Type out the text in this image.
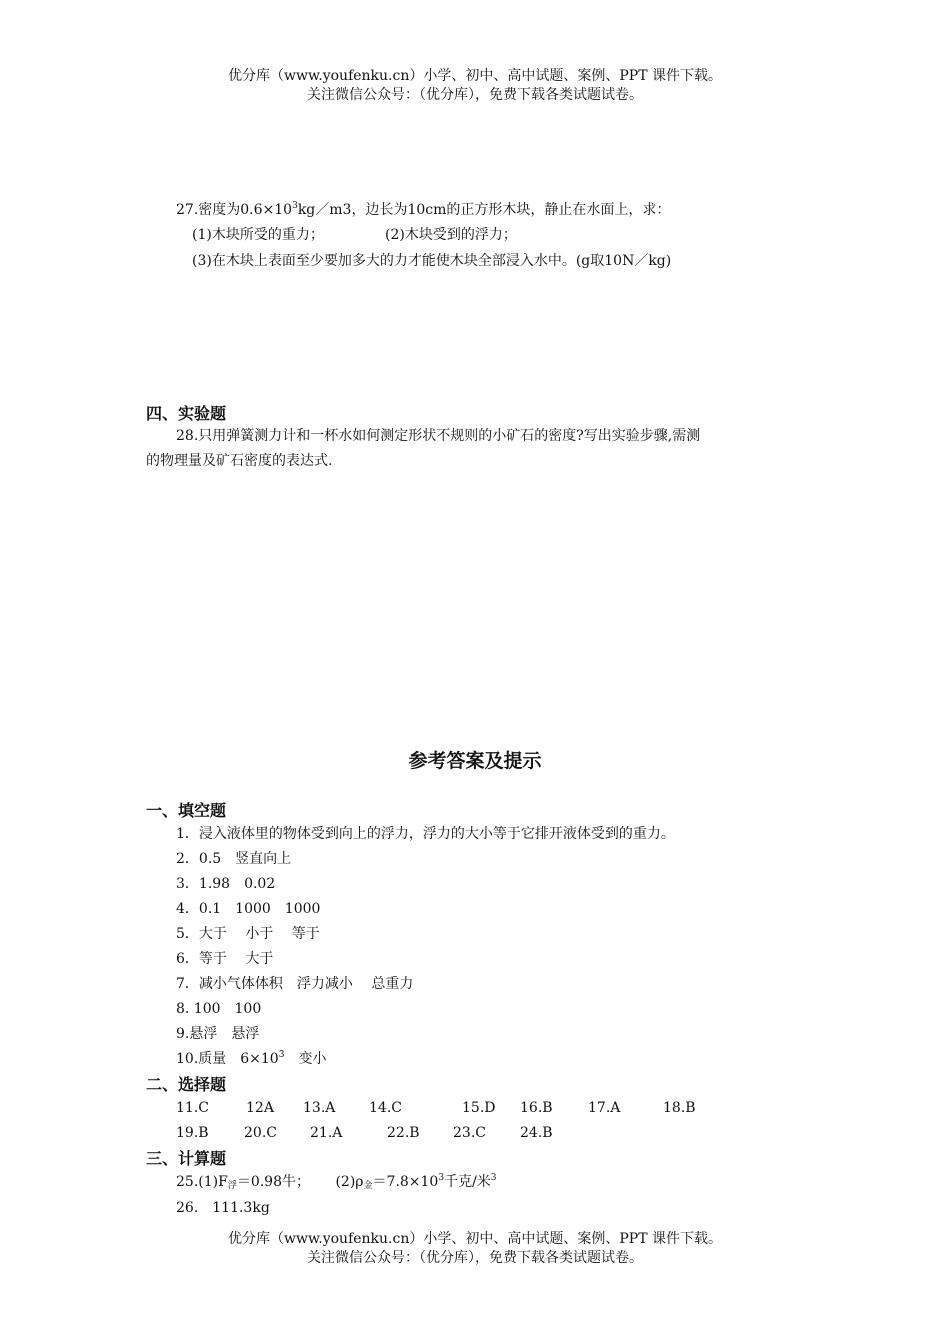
优分库（www.youfenku.cn）小学、初中、高中试题、案例、PPT 课件下载。
关注微信公众号：（优分库），免费下载各类试题试卷。
27.密度为$0.6\times 10^3kg/m3$，边长为10cm的正方形木块，静止在水面上，求：
(1)木块所受的重力；	(2)木块受到的浮力；
(3)在木块上表面至少要加多大的力才能使木块全部浸入水中。(g取10N／kg)
四、实验题
28.只用弹簧测力计和一杯水如何测定形状不规则的小矿石的密度?写出实验步骤,需测
的物理量及矿石密度的表达式.
参考答案及提示
一、填空题
1．浸入液体里的物体受到向上的浮力，浮力的大小等于它排开液体受到的重力。
2．0.5　竖直向上
3．1.98　0.02
4．0.1　1000　1000
5．大于　 小于　 等于
6．等于　 大于
7．减小气体体积　浮力减小　 总重力
8. 100　100
9.悬浮　悬浮
10.质量　$6\times 10^3$　变小
二、选择题
11.C	12A 13.A 14.C	15.D 16.B	17.A	18.B
19.B	20.C 21.A	22.B 23.C 24.B
三、计算题
$25.(1)F_浮=0.98$牛；　　 $(2)\rho_金=7.8\times 10^3$千克/米$^3$
26.　111.3kg
优分库（www.youfenku.cn）小学、初中、高中试题、案例、PPT 课件下载。
关注微信公众号：（优分库），免费下载各类试题试卷。
